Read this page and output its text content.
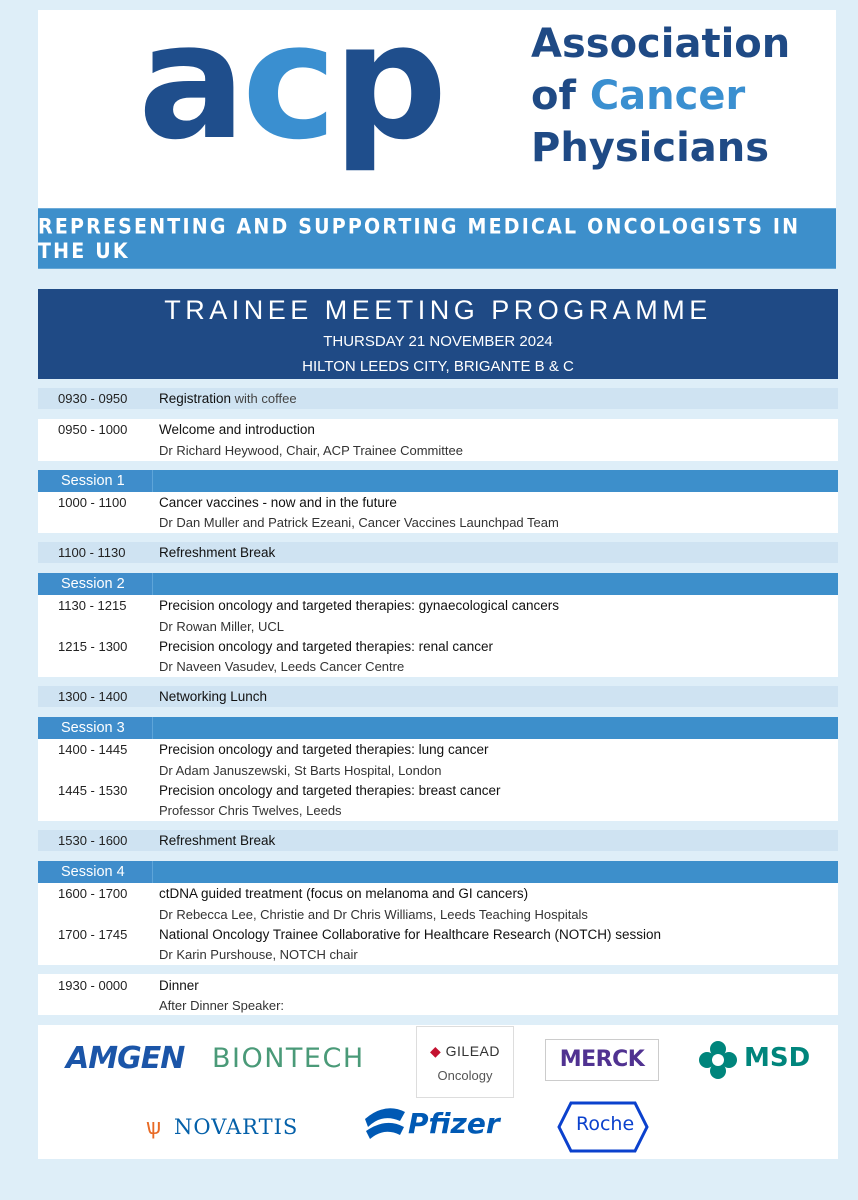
acp Association
of Cancer
Physicians
REPRESENTING AND SUPPORTING MEDICAL ONCOLOGISTS IN THE UK
TRAINEE MEETING PROGRAMME
THURSDAY 21 NOVEMBER 2024
HILTON LEEDS CITY, BRIGANTE B & C
0930 - 0950 Registration with coffee
0950 - 1000 Welcome and introduction
Dr Richard Heywood, Chair, ACP Trainee Committee
Session 1
1000 - 1100 Cancer vaccines - now and in the future
Dr Dan Muller and Patrick Ezeani, Cancer Vaccines Launchpad Team
1100 - 1130 Refreshment Break
Session 2
1130 - 1215 Precision oncology and targeted therapies: gynaecological cancers
Dr Rowan Miller, UCL
1215 - 1300 Precision oncology and targeted therapies: renal cancer
Dr Naveen Vasudev, Leeds Cancer Centre
1300 - 1400 Networking Lunch
Session 3
1400 - 1445 Precision oncology and targeted therapies: lung cancer
Dr Adam Januszewski, St Barts Hospital, London
1445 - 1530 Precision oncology and targeted therapies: breast cancer
Professor Chris Twelves, Leeds
1530 - 1600 Refreshment Break
Session 4
1600 - 1700 ctDNA guided treatment (focus on melanoma and GI cancers)
Dr Rebecca Lee, Christie and Dr Chris Williams, Leeds Teaching Hospitals
1700 - 1745 National Oncology Trainee Collaborative for Healthcare Research (NOTCH) session
Dr Karin Purshouse, NOTCH chair
1930 - 0000 Dinner
After Dinner Speaker:
AMGEN BIONTECH	◆ GILEAD
Oncology
MERCK	MSD
ѱ NOVARTIS	Pfizer	Roche
